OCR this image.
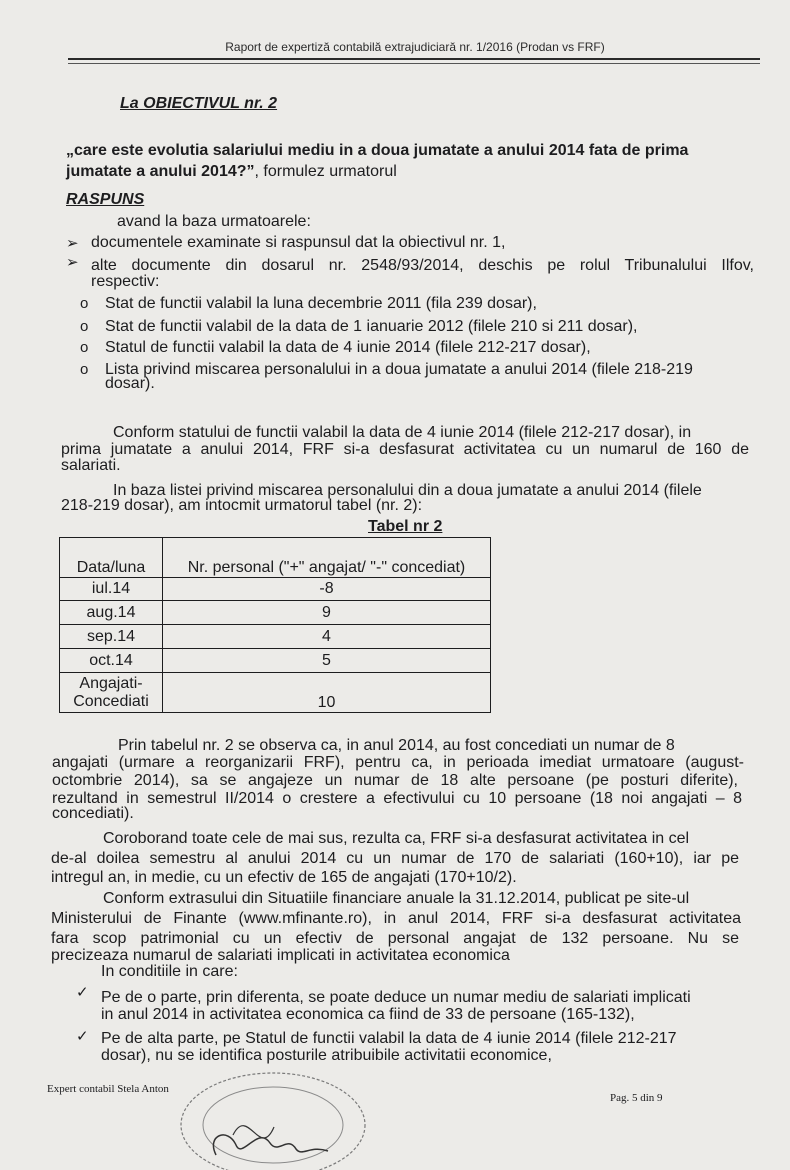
Raport de expertiză contabilă extrajudiciară nr. 1/2016 (Prodan vs FRF)
La OBIECTIVUL nr. 2
„care este evolutia salariului mediu in a doua jumatate a anului 2014 fata de prima jumatate a anului 2014?”, formulez urmatorul
RASPUNS
avand la baza urmatoarele:
➢ documentele examinate si raspunsul dat la obiectivul nr. 1,
➢ alte documente din dosarul nr. 2548/93/2014, deschis pe rolul Tribunalului Ilfov,
respectiv:
o Stat de functii valabil la luna decembrie 2011 (fila 239 dosar),
o Stat de functii valabil de la data de 1 ianuarie 2012 (filele 210 si 211 dosar),
o Statul de functii valabil la data de 4 iunie 2014 (filele 212-217 dosar),
o Lista privind miscarea personalului in a doua jumatate a anului 2014 (filele 218-219
dosar).
Conform statului de functii valabil la data de 4 iunie 2014 (filele 212-217 dosar), in
prima jumatate a anului 2014, FRF si-a desfasurat activitatea cu un numarul de 160 de
salariati.
In baza listei privind miscarea personalului din a doua jumatate a anului 2014 (filele
218-219 dosar), am intocmit urmatorul tabel (nr. 2):
Tabel nr 2
Data/luna	Nr. personal ("+" angajat/ "-" concediat)
iul.14	-8
aug.14	9
sep.14	4
oct.14	5

Angajati-
Concediati	10
Prin tabelul nr. 2 se observa ca, in anul 2014, au fost concediati un numar de 8
angajati (urmare a reorganizarii FRF), pentru ca, in perioada imediat urmatoare (august-
octombrie 2014), sa se angajeze un numar de 18 alte persoane (pe posturi diferite),
rezultand in semestrul II/2014 o crestere a efectivului cu 10 persoane (18 noi angajati – 8
concediati).
Coroborand toate cele de mai sus, rezulta ca, FRF si-a desfasurat activitatea in cel
de-al doilea semestru al anului 2014 cu un numar de 170 de salariati (160+10), iar pe
intregul an, in medie, cu un efectiv de 165 de angajati (170+10/2).
Conform extrasului din Situatiile financiare anuale la 31.12.2014, publicat pe site-ul
Ministerului de Finante (www.mfinante.ro), in anul 2014, FRF si-a desfasurat activitatea
fara scop patrimonial cu un efectiv de personal angajat de 132 persoane. Nu se
precizeaza numarul de salariati implicati in activitatea economica
In conditiile in care:
✓ Pe de o parte, prin diferenta, se poate deduce un numar mediu de salariati implicati
in anul 2014 in activitatea economica ca fiind de 33 de persoane (165-132),
✓ Pe de alta parte, pe Statul de functii valabil la data de 4 iunie 2014 (filele 212-217
dosar), nu se identifica posturile atribuibile activitatii economice,
Expert contabil Stela Anton
Pag. 5 din 9
